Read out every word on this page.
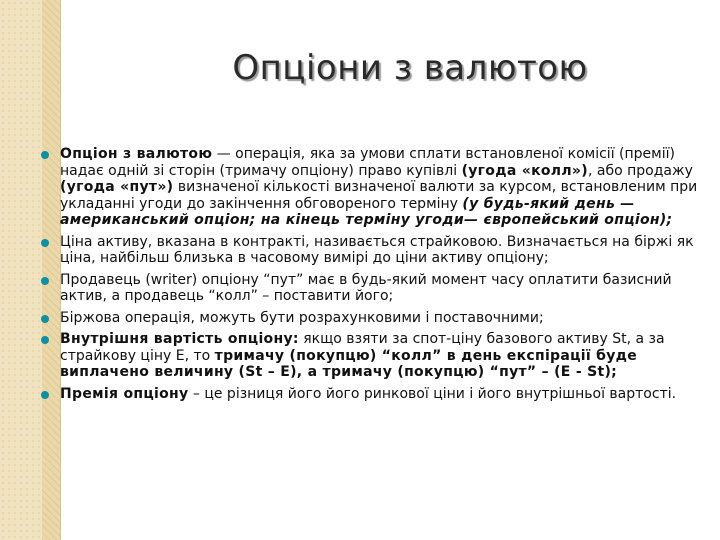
Опціони з валютою
Опціон з валютою — операція, яка за умови сплати встановленої комісії (премії) надає одній зі сторін (тримачу опціону) право купівлі (угода «колл»), або продажу (угода «пут») визначеної кількості визначеної валюти за курсом, встановленим при укладанні угоди до закінчення обговореного терміну (у будь-який день — американський опціон; на кінець терміну угоди— європейський опціон);
Ціна активу, вказана в контракті, називається страйковою. Визначається на біржі як ціна, найбільш близька в часовому вимірі до ціни активу опціону;
Продавець (writer) опціону “пут” має в будь-який момент часу оплатити базисний актив, а продавець “колл” – поставити його;
Біржова операція, можуть бути розрахунковими і поставочними;
Внутрішня вартість опціону: якщо взяти за спот-ціну базового активу St, а за страйкову ціну E, то тримачу (покупцю) “колл” в день експірації буде виплачено величину (St – E), а тримачу (покупцю) “пут” – (E - St);
Премія опціону – це різниця його його ринкової ціни і його внутрішньої вартості.
